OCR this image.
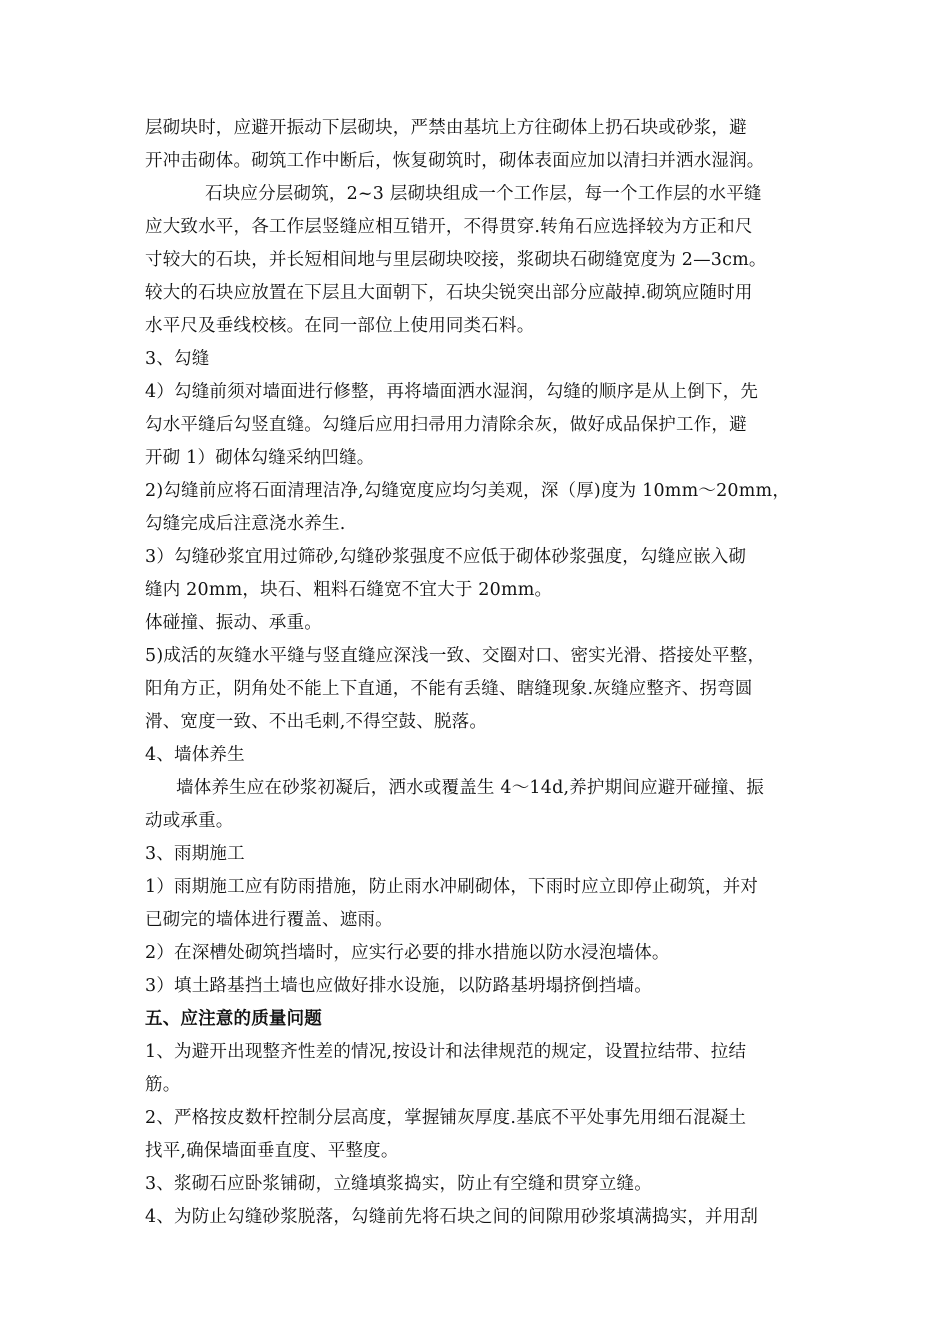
层砌块时，应避开振动下层砌块，严禁由基坑上方往砌体上扔石块或砂浆，避
开冲击砌体。砌筑工作中断后，恢复砌筑时，砌体表面应加以清扫并洒水湿润。
石块应分层砌筑，2~3 层砌块组成一个工作层，每一个工作层的水平缝
应大致水平，各工作层竖缝应相互错开，不得贯穿.转角石应选择较为方正和尺
寸较大的石块，并长短相间地与里层砌块咬接，浆砌块石砌缝宽度为 2—3cm。
较大的石块应放置在下层且大面朝下，石块尖锐突出部分应敲掉.砌筑应随时用
水平尺及垂线校核。在同一部位上使用同类石料。
3、勾缝
4）勾缝前须对墙面进行修整，再将墙面洒水湿润，勾缝的顺序是从上倒下，先
勾水平缝后勾竖直缝。勾缝后应用扫帚用力清除余灰，做好成品保护工作，避
开砌 1）砌体勾缝采纳凹缝。
2)勾缝前应将石面清理洁净,勾缝宽度应均匀美观，深（厚)度为 10mm～20mm，
勾缝完成后注意浇水养生.
3）勾缝砂浆宜用过筛砂,勾缝砂浆强度不应低于砌体砂浆强度，勾缝应嵌入砌
缝内 20mm，块石、粗料石缝宽不宜大于 20mm。
体碰撞、振动、承重。
5)成活的灰缝水平缝与竖直缝应深浅一致、交圈对口、密实光滑、搭接处平整，
阳角方正，阴角处不能上下直通，不能有丢缝、瞎缝现象.灰缝应整齐、拐弯圆
滑、宽度一致、不出毛刺,不得空鼓、脱落。
4、墙体养生
墙体养生应在砂浆初凝后，洒水或覆盖生 4～14d,养护期间应避开碰撞、振
动或承重。
3、雨期施工
1）雨期施工应有防雨措施，防止雨水冲刷砌体，下雨时应立即停止砌筑，并对
已砌完的墙体进行覆盖、遮雨。
2）在深槽处砌筑挡墙时，应实行必要的排水措施以防水浸泡墙体。
3）填土路基挡土墙也应做好排水设施，以防路基坍塌挤倒挡墙。
五、应注意的质量问题
1、为避开出现整齐性差的情况,按设计和法律规范的规定，设置拉结带、拉结
筋。
2、严格按皮数杆控制分层高度，掌握铺灰厚度.基底不平处事先用细石混凝土
找平,确保墙面垂直度、平整度。
3、浆砌石应卧浆铺砌，立缝填浆捣实，防止有空缝和贯穿立缝。
4、为防止勾缝砂浆脱落，勾缝前先将石块之间的间隙用砂浆填满捣实，并用刮
